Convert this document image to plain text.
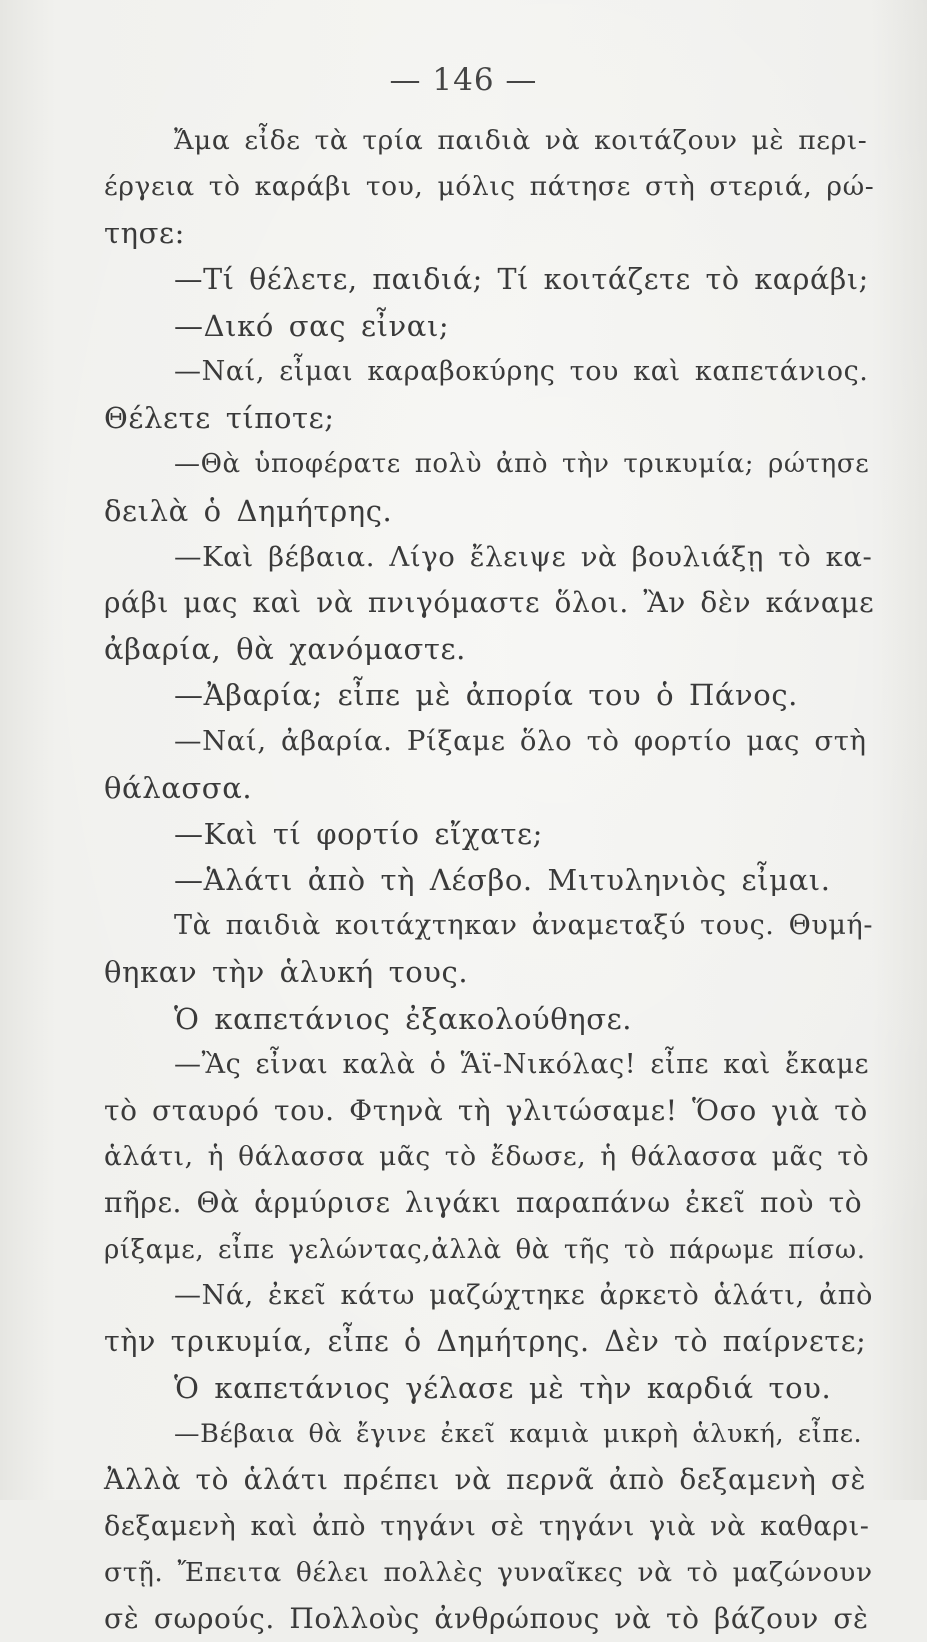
— 146 —
Ἄμα εἶδε τὰ τρία παιδιὰ νὰ κοιτάζουν μὲ περι-
έργεια τὸ καράβι του, μόλις πάτησε στὴ στεριά, ρώ-
τησε:
—Τί θέλετε, παιδιά; Τί κοιτάζετε τὸ καράβι;
—Δικό σας εἶναι;
—Ναί, εἶμαι καραβοκύρης του καὶ καπετάνιος.
Θέλετε τίποτε;
—Θὰ ὑποφέρατε πολὺ ἀπὸ τὴν τρικυμία; ρώτησε
δειλὰ ὁ Δημήτρης.
—Καὶ βέβαια. Λίγο ἔλειψε νὰ βουλιάξῃ τὸ κα-
ράβι μας καὶ νὰ πνιγόμαστε ὅλοι. Ἂν δὲν κάναμε
ἀβαρία, θὰ χανόμαστε.
—Ἀβαρία; εἶπε μὲ ἀπορία του ὁ Πάνος.
—Ναί, ἀβαρία. Ρίξαμε ὅλο τὸ φορτίο μας στὴ
θάλασσα.
—Καὶ τί φορτίο εἴχατε;
—Ἁλάτι ἀπὸ τὴ Λέσβο. Μιτυληνιὸς εἶμαι.
Τὰ παιδιὰ κοιτάχτηκαν ἀναμεταξύ τους. Θυμή-
θηκαν τὴν ἁλυκή τους.
Ὁ καπετάνιος ἐξακολούθησε.
—Ἂς εἶναι καλὰ ὁ Ἅϊ-Νικόλας! εἶπε καὶ ἔκαμε
τὸ σταυρό του. Φτηνὰ τὴ γλιτώσαμε! Ὅσο γιὰ τὸ
ἁλάτι, ἡ θάλασσα μᾶς τὸ ἔδωσε, ἡ θάλασσα μᾶς τὸ
πῆρε. Θὰ ἁρμύρισε λιγάκι παραπάνω ἐκεῖ ποὺ τὸ
ρίξαμε, εἶπε γελώντας,ἀλλὰ θὰ τῆς τὸ πάρωμε πίσω.
—Νά, ἐκεῖ κάτω μαζώχτηκε ἀρκετὸ ἁλάτι, ἀπὸ
τὴν τρικυμία, εἶπε ὁ Δημήτρης. Δὲν τὸ παίρνετε;
Ὁ καπετάνιος γέλασε μὲ τὴν καρδιά του.
—Βέβαια θὰ ἔγινε ἐκεῖ καμιὰ μικρὴ ἁλυκή, εἶπε.
Ἀλλὰ τὸ ἁλάτι πρέπει νὰ περνᾶ ἀπὸ δεξαμενὴ σὲ
δεξαμενὴ καὶ ἀπὸ τηγάνι σὲ τηγάνι γιὰ νὰ καθαρι-
στῇ. Ἔπειτα θέλει πολλὲς γυναῖκες νὰ τὸ μαζώνουν
σὲ σωρούς. Πολλοὺς ἀνθρώπους νὰ τὸ βάζουν σὲ
